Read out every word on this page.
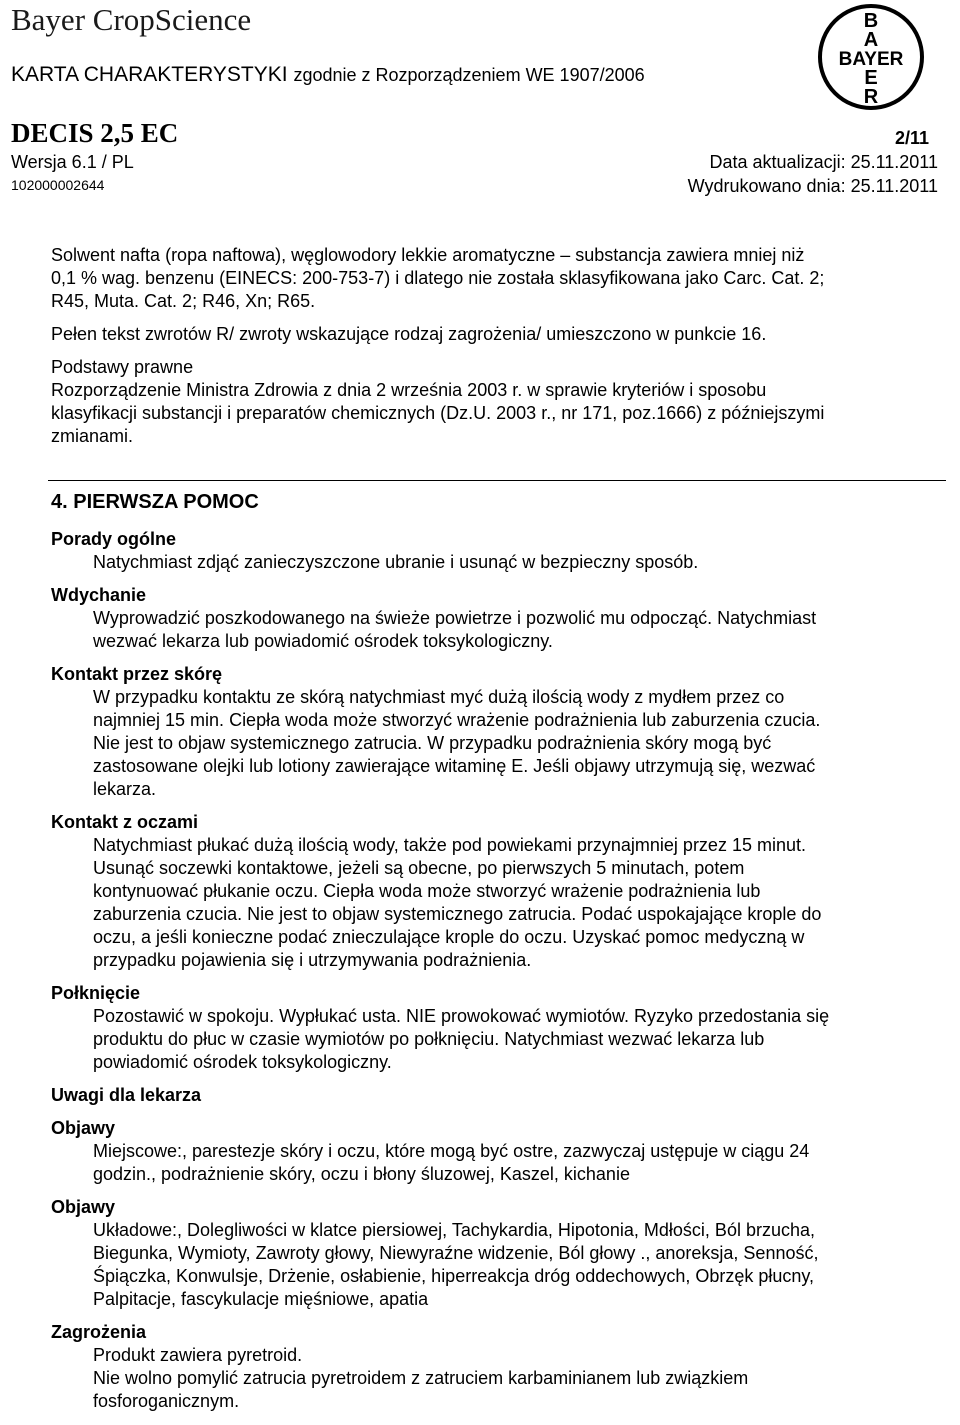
Bayer CropScience
KARTA CHARAKTERYSTYKI zgodnie z Rozporządzeniem WE 1907/2006
B
A
BAYER
E
R
DECIS 2,5 EC	2/11
Wersja 6.1 / PL	Data aktualizacji: 25.11.2011
102000002644	Wydrukowano dnia: 25.11.2011

Solwent nafta (ropa naftowa), węglowodory lekkie aromatyczne – substancja zawiera mniej niż

0,1 % wag. benzenu (EINECS: 200-753-7) i dlatego nie została sklasyfikowana jako Carc. Cat. 2;

R45, Muta. Cat. 2; R46, Xn; R65.

Pełen tekst zwrotów R/ zwroty wskazujące rodzaj zagrożenia/ umieszczono w punkcie 16.

Podstawy prawne

Rozporządzenie Ministra Zdrowia z dnia 2 września 2003 r. w sprawie kryteriów i sposobu

klasyfikacji substancji i preparatów chemicznych (Dz.U. 2003 r., nr 171, poz.1666) z późniejszymi

zmianami.

4. PIERWSZA POMOC

Porady ogólne

Natychmiast zdjąć zanieczyszczone ubranie i usunąć w bezpieczny sposób.

Wdychanie

Wyprowadzić poszkodowanego na świeże powietrze i pozwolić mu odpocząć. Natychmiast

wezwać lekarza lub powiadomić ośrodek toksykologiczny.

Kontakt przez skórę

W przypadku kontaktu ze skórą natychmiast myć dużą ilością wody z mydłem przez co

najmniej 15 min. Ciepła woda może stworzyć wrażenie podrażnienia lub zaburzenia czucia.

Nie jest to objaw systemicznego zatrucia. W przypadku podrażnienia skóry mogą być

zastosowane olejki lub lotiony zawierające witaminę E. Jeśli objawy utrzymują się, wezwać

lekarza.

Kontakt z oczami

Natychmiast płukać dużą ilością wody, także pod powiekami przynajmniej przez 15 minut.

Usunąć soczewki kontaktowe, jeżeli są obecne, po pierwszych 5 minutach, potem

kontynuować płukanie oczu. Ciepła woda może stworzyć wrażenie podrażnienia lub

zaburzenia czucia. Nie jest to objaw systemicznego zatrucia. Podać uspokajające krople do

oczu, a jeśli konieczne podać znieczulające krople do oczu. Uzyskać pomoc medyczną w

przypadku pojawienia się i utrzymywania podrażnienia.

Połknięcie

Pozostawić w spokoju. Wypłukać usta. NIE prowokować wymiotów. Ryzyko przedostania się

produktu do płuc w czasie wymiotów po połknięciu. Natychmiast wezwać lekarza lub

powiadomić ośrodek toksykologiczny.

Uwagi dla lekarza

Objawy

Miejscowe:, parestezje skóry i oczu, które mogą być ostre, zazwyczaj ustępuje w ciągu 24

godzin., podrażnienie skóry, oczu i błony śluzowej, Kaszel, kichanie

Objawy

Układowe:, Dolegliwości w klatce piersiowej, Tachykardia, Hipotonia, Mdłości, Ból brzucha,

Biegunka, Wymioty, Zawroty głowy, Niewyraźne widzenie, Ból głowy ., anoreksja, Senność,

Śpiączka, Konwulsje, Drżenie, osłabienie, hiperreakcja dróg oddechowych, Obrzęk płucny,

Palpitacje, fascykulacje mięśniowe, apatia

Zagrożenia

Produkt zawiera pyretroid.

Nie wolno pomylić zatrucia pyretroidem z zatruciem karbaminianem lub związkiem

fosforoganicznym.
